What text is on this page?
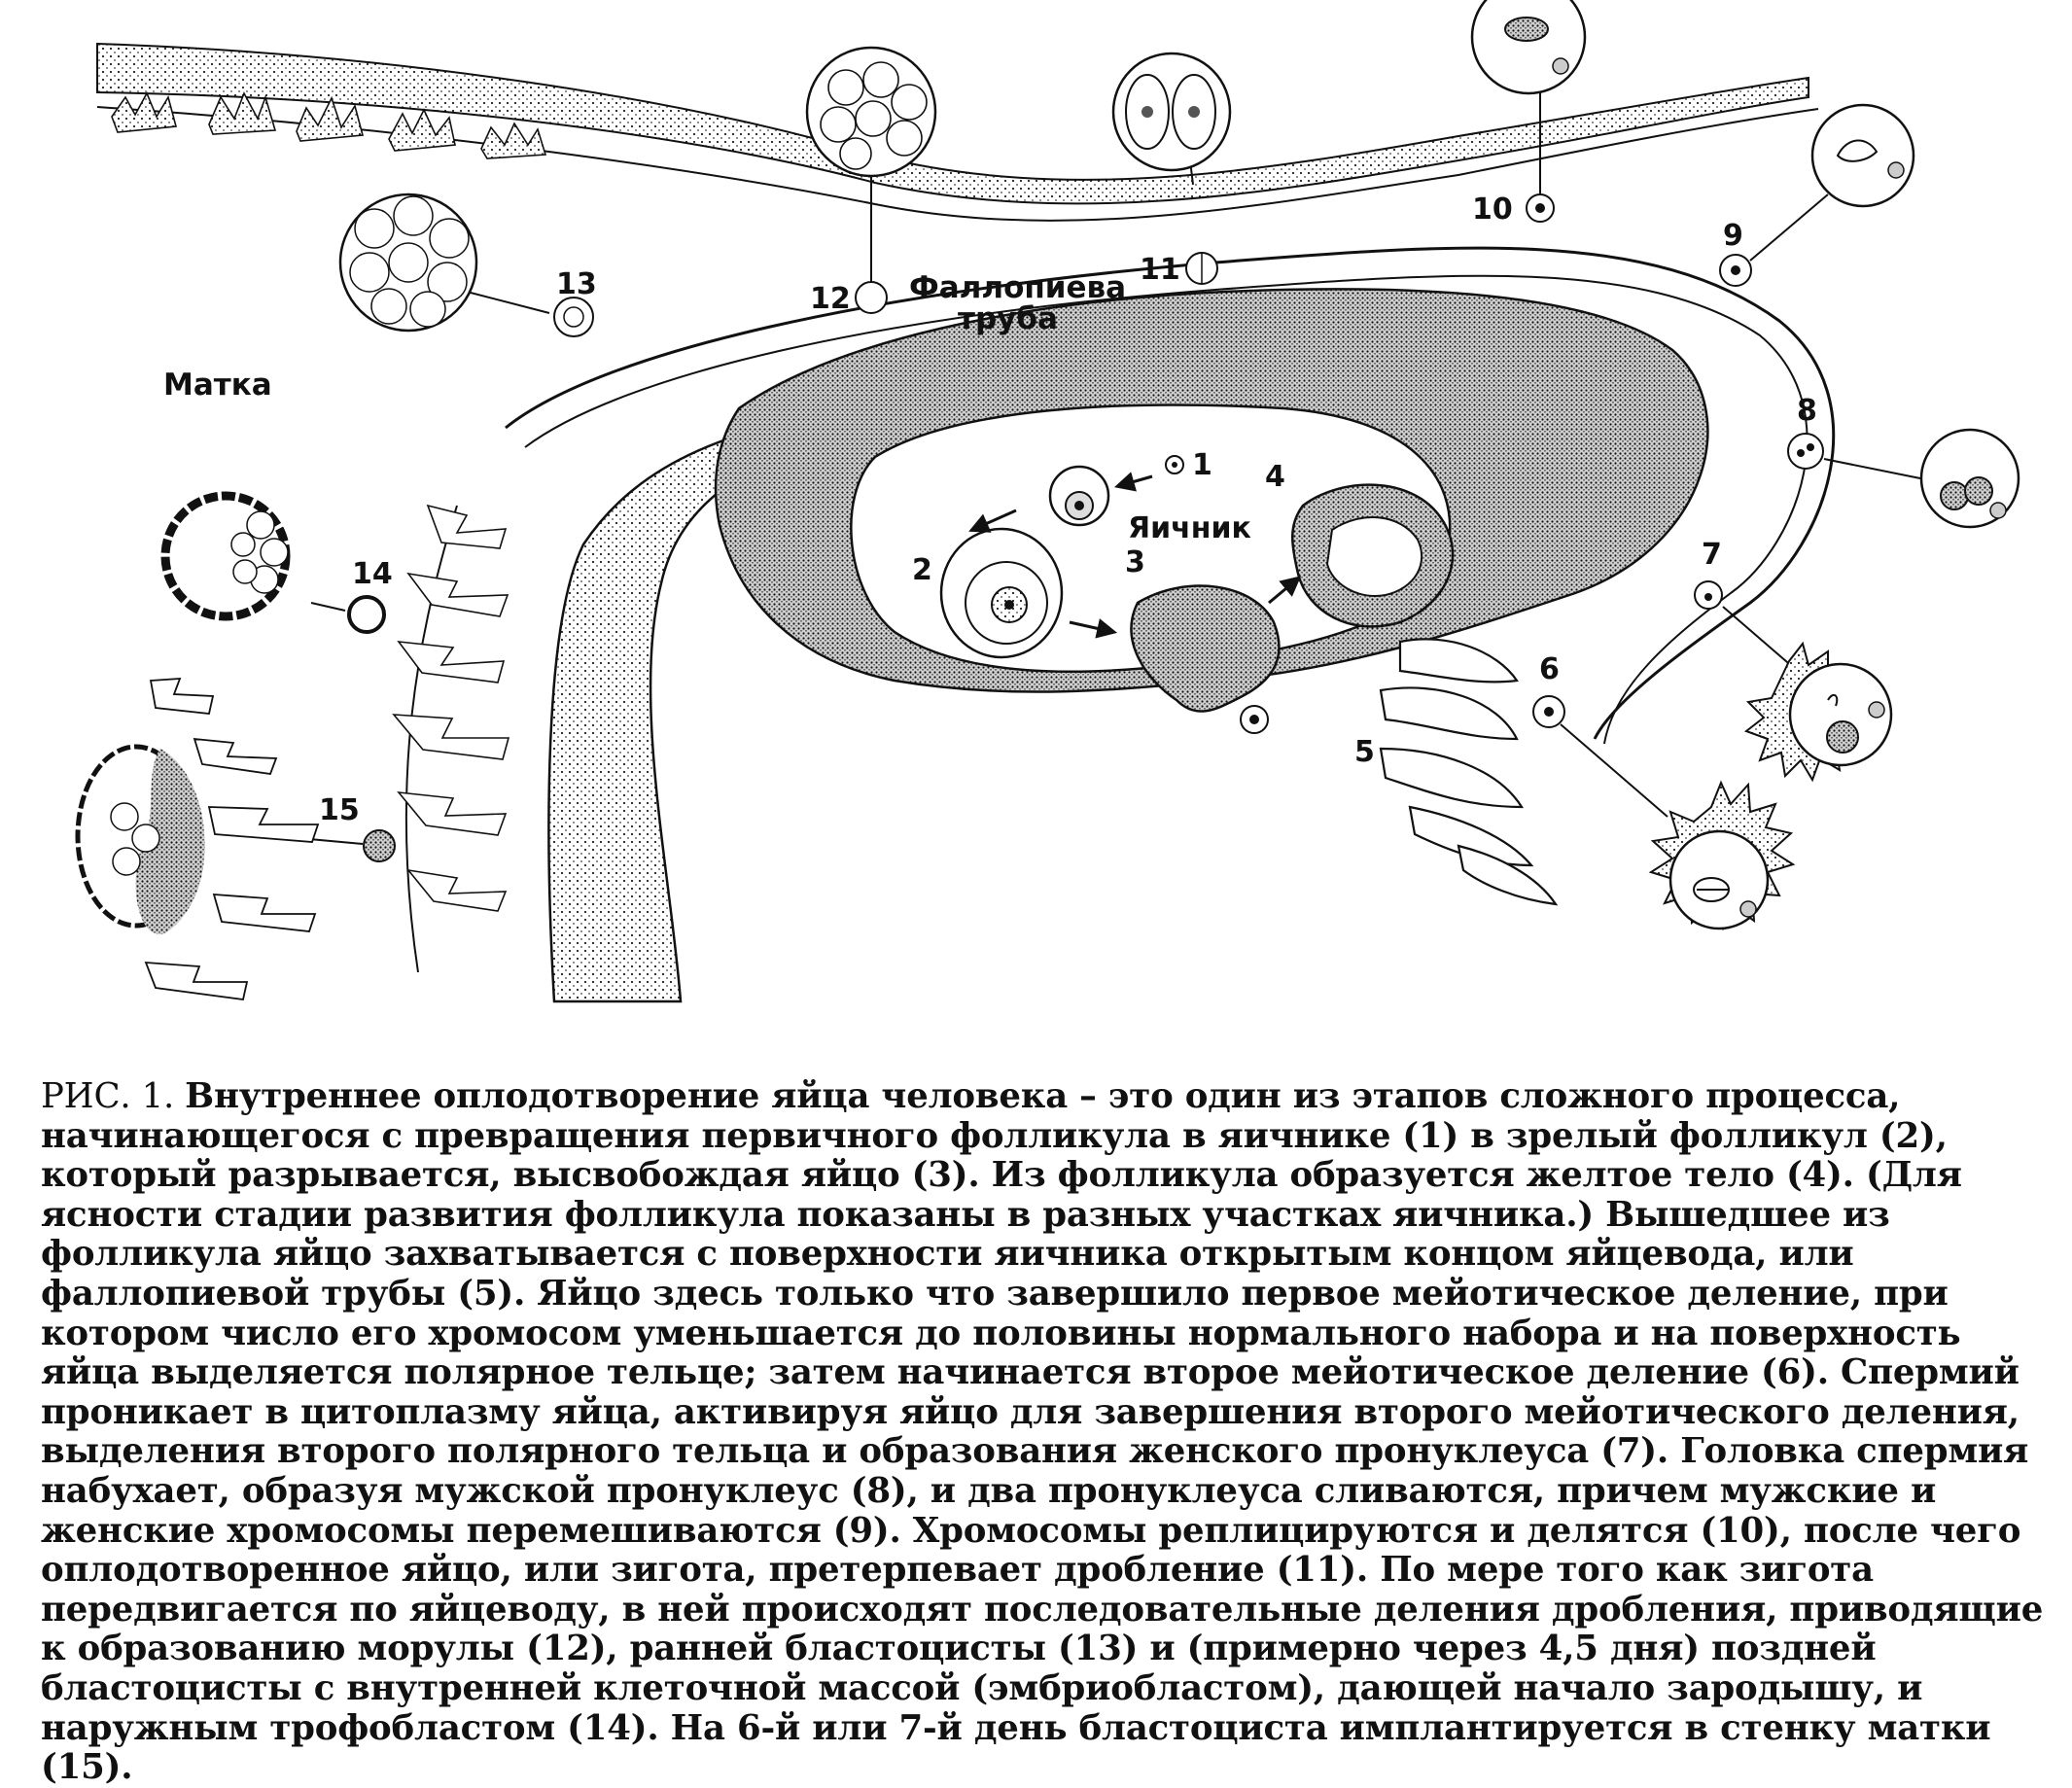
Матка
Фаллопиева
труба
Яичник
1
2	3
4
5
6
7
8
9
10
11
12
13
14
15

РИС. 1. Внутреннее оплодотворение яйца человека – это один из этапов сложного процесса, начинающегося с превращения первичного фолликула в яичнике (1) в зрелый фолликул (2), который разрывается, высвобождая яйцо (3). Из фолликула образуется желтое тело (4). (Для ясности стадии развития фолликула показаны в разных участках яичника.) Вышедшее из фолликула яйцо захватывается с поверхности яичника открытым концом яйцевода, или фаллопиевой трубы (5). Яйцо здесь только что завершило первое мейотическое деление, при котором число его хромосом уменьшается до половины нормального набора и на поверхность яйца выделяется полярное тельце; затем начинается второе мейотическое деление (6). Спермий проникает в цитоплазму яйца, активируя яйцо для завершения второго мейотического деления, выделения второго полярного тельца и образования женского пронуклеуса (7). Головка спермия набухает, образуя мужской пронуклеус (8), и два пронуклеуса сливаются, причем мужские и женские хромосомы перемешиваются (9). Хромосомы реплицируются и делятся (10), после чего оплодотворенное яйцо, или зигота, претерпевает дробление (11). По мере того как зигота передвигается по яйцеводу, в ней происходят последовательные деления дробления, приводящие к образованию морулы (12), ранней бластоцисты (13) и (примерно через 4,5 дня) поздней бластоцисты с внутренней клеточной массой (эмбриобластом), дающей начало зародышу, и наружным трофобластом (14). На 6-й или 7-й день бластоциста имплантируется в стенку матки (15).
